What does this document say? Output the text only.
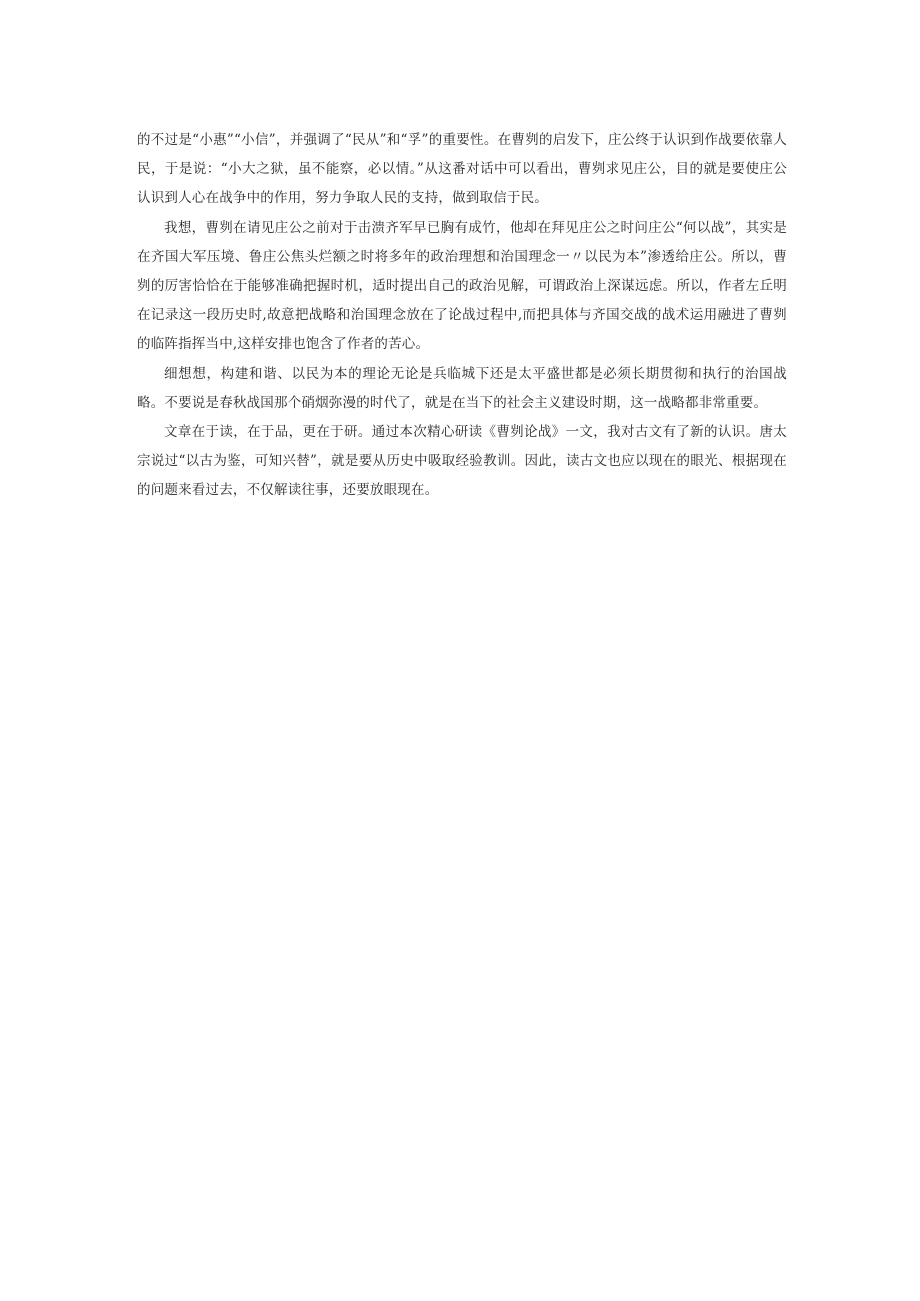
的不过是“小惠”“小信”，并强调了“民从”和“孚”的重要性。在曹刿的启发下，庄公终于认识到作战要依靠人民，于是说：“小大之狱，虽不能察，必以情。”从这番对话中可以看出，曹刿求见庄公，目的就是要使庄公认识到人心在战争中的作用，努力争取人民的支持，做到取信于民。

我想，曹刿在请见庄公之前对于击溃齐军早已胸有成竹，他却在拜见庄公之时问庄公“何以战”，其实是在齐国大军压境、鲁庄公焦头烂额之时将多年的政治理想和治国理念一〃以民为本”渗透给庄公。所以，曹刿的厉害恰恰在于能够准确把握时机，适时提出自己的政治见解，可谓政治上深谋远虑。所以，作者左丘明在记录这一段历史时,故意把战略和治国理念放在了论战过程中,而把具体与齐国交战的战术运用融进了曹刿的临阵指挥当中,这样安排也饱含了作者的苦心。

细想想，构建和谐、以民为本的理论无论是兵临城下还是太平盛世都是必须长期贯彻和执行的治国战略。不要说是春秋战国那个硝烟弥漫的时代了，就是在当下的社会主义建设时期，这一战略都非常重要。

文章在于读，在于品，更在于研。通过本次精心研读《曹刿论战》一文，我对古文有了新的认识。唐太宗说过“以古为鉴，可知兴替”，就是要从历史中吸取经验教训。因此，读古文也应以现在的眼光、根据现在的问题来看过去，不仅解读往事，还要放眼现在。
